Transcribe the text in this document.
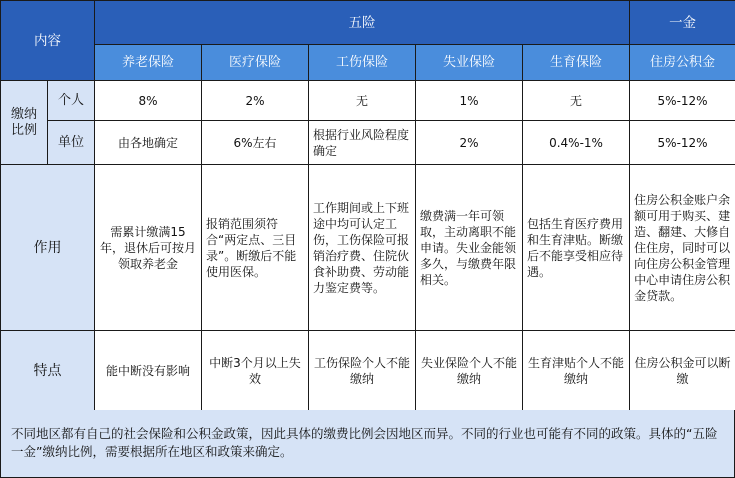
内容		五险					一金
		养老保险	医疗保险	工伤保险	失业保险	生育保险	住房公积金
缴纳比例	个人	8%	2%	无	1%	无	5%-12%
	单位	由各地确定	6%左右	根据行业风险程度确定	2%	0.4%-1%	5%-12%
作用		需累计缴满15年，退休后可按月领取养老金	报销范围须符合“两定点、三目录”。断缴后不能使用医保。	工作期间或上下班途中均可认定工伤，工伤保险可报销治疗费、住院伙食补助费、劳动能力鉴定费等。	缴费满一年可领取，主动离职不能申请。失业金能领多久，与缴费年限相关。	包括生育医疗费用和生育津贴。断缴后不能享受相应待遇。	住房公积金账户余额可用于购买、建造、翻建、大修自住住房，同时可以向住房公积金管理中心申请住房公积金贷款。
特点		能中断没有影响	中断3个月以上失效	工伤保险个人不能缴纳	失业保险个人不能缴纳	生育津贴个人不能缴纳	住房公积金可以断缴
不同地区都有自己的社会保险和公积金政策，因此具体的缴费比例会因地区而异。不同的行业也可能有不同的政策。具体的“五险一金”缴纳比例，需要根据所在地区和政策来确定。
